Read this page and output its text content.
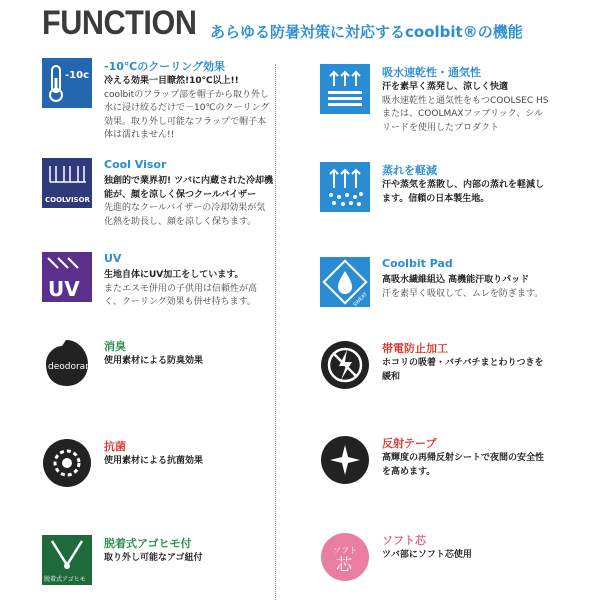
FUNCTION あらゆる防暑対策に対応するcoolbit®の機能
-10c
-10℃のクーリング効果
冷える効果一目瞭然!10℃以上!!
coolbitのフラップ部を帽子から取り外し水に浸け絞るだけで－10℃のクーリング効果。取り外し可能なフラップで帽子本体は濡れません!!
COOLVISOR
Cool Visor
独創的で業界初! ツバに内蔵された冷却機能が、顔を涼しく保つクールバイザー
先進的なクールバイザーの冷却効果が気化熱を助長し、顔を涼しく保ちます。
UV
UV
生地自体にUV加工をしています。
またエスモ併用の子供用は信頼性が高く、クーリング効果も併せ持ちます。
deodorant
消臭
使用素材による防臭効果
抗菌
使用素材による抗菌効果
脱着式アゴヒモ
脱着式アゴヒモ付
取り外し可能なアゴ紐付
吸水速乾性・通気性
汗を素早く蒸発し、涼しく快適
吸水速乾性と通気性をもつCOOLSEC HSまたは、COOLMAXファブリック、シルリードを使用したプロダクト
蒸れを軽減
汗や蒸気を蒸散し、内部の蒸れを軽減します。信頼の日本製生地。
SWEAT
Coolbit Pad
高吸水繊維組込 高機能汗取りパッド
汗を素早く吸収して、ムレを防ぎます。
帯電防止加工
ホコリの吸着・バチバチまとわりつきを緩和
反射テープ
高輝度の再帰反射シートで夜間の安全性を高めます。
ソフト
芯
ソフト芯
ツバ部にソフト芯使用
